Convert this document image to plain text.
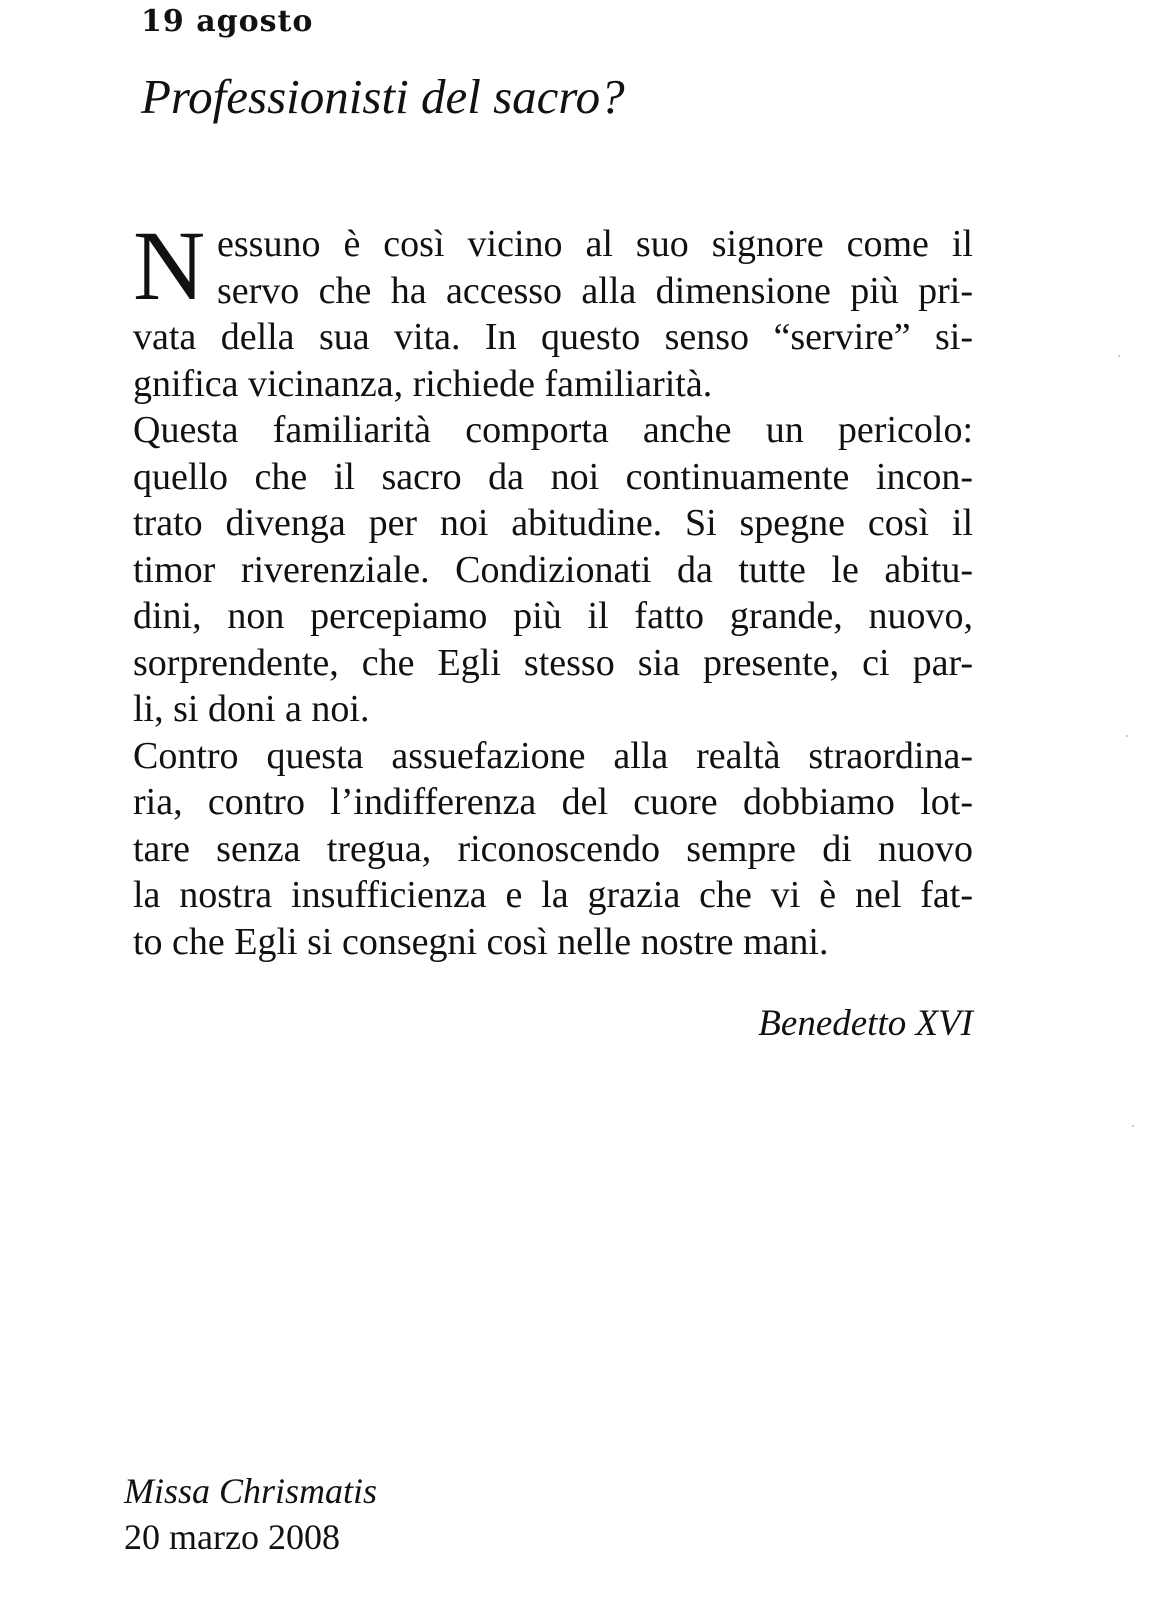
19 agosto
Professionisti del sacro?
N essuno è così vicino al suo signore come il
servo che ha accesso alla dimensione più pri-
vata della sua vita. In questo senso “servire” si-
gnifica vicinanza, richiede familiarità.
Questa familiarità comporta anche un pericolo:
quello che il sacro da noi continuamente incon-
trato divenga per noi abitudine. Si spegne così il
timor riverenziale. Condizionati da tutte le abitu-
dini, non percepiamo più il fatto grande, nuovo,
sorprendente, che Egli stesso sia presente, ci par-
li, si doni a noi.
Contro questa assuefazione alla realtà straordina-
ria, contro l’indifferenza del cuore dobbiamo lot-
tare senza tregua, riconoscendo sempre di nuovo
la nostra insufficienza e la grazia che vi è nel fat-
to che Egli si consegni così nelle nostre mani.
Benedetto XVI
Missa Chrismatis
20 marzo 2008
